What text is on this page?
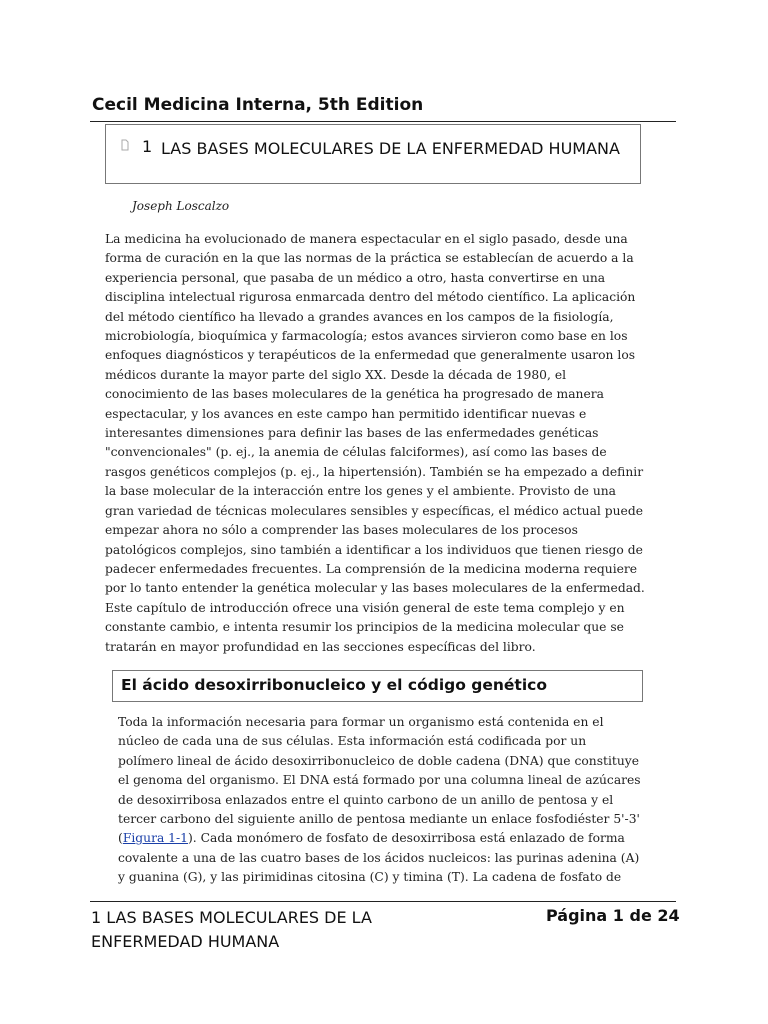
Cecil Medicina Interna, 5th Edition
1 LAS BASES MOLECULARES DE LA ENFERMEDAD HUMANA
Joseph Loscalzo

La medicina ha evolucionado de manera espectacular en el siglo pasado, desde una forma de curación en la que las normas de la práctica se establecían de acuerdo a la experiencia personal, que pasaba de un médico a otro, hasta convertirse en una disciplina intelectual rigurosa enmarcada dentro del método científico. La aplicación del método científico ha llevado a grandes avances en los campos de la fisiología, microbiología, bioquímica y farmacología; estos avances sirvieron como base en los enfoques diagnósticos y terapéuticos de la enfermedad que generalmente usaron los médicos durante la mayor parte del siglo XX. Desde la década de 1980, el conocimiento de las bases moleculares de la genética ha progresado de manera espectacular, y los avances en este campo han permitido identificar nuevas e interesantes dimensiones para definir las bases de las enfermedades genéticas "convencionales" (p. ej., la anemia de células falciformes), así como las bases de rasgos genéticos complejos (p. ej., la hipertensión). También se ha empezado a definir la base molecular de la interacción entre los genes y el ambiente. Provisto de una gran variedad de técnicas moleculares sensibles y específicas, el médico actual puede empezar ahora no sólo a comprender las bases moleculares de los procesos patológicos complejos, sino también a identificar a los individuos que tienen riesgo de padecer enfermedades frecuentes. La comprensión de la medicina moderna requiere por lo tanto entender la genética molecular y las bases moleculares de la enfermedad. Este capítulo de introducción ofrece una visión general de este tema complejo y en constante cambio, e intenta resumir los principios de la medicina molecular que se tratarán en mayor profundidad en las secciones específicas del libro.

El ácido desoxirribonucleico y el código genético

Toda la información necesaria para formar un organismo está contenida en el núcleo de cada una de sus células. Esta información está codificada por un polímero lineal de ácido desoxirribonucleico de doble cadena (DNA) que constituye el genoma del organismo. El DNA está formado por una columna lineal de azúcares de desoxirribosa enlazados entre el quinto carbono de un anillo de pentosa y el tercer carbono del siguiente anillo de pentosa mediante un enlace fosfodiéster 5'-3' (Figura 1-1). Cada monómero de fosfato de desoxirribosa está enlazado de forma covalente a una de las cuatro bases de los ácidos nucleicos: las purinas adenina (A) y guanina (G), y las pirimidinas citosina (C) y timina (T). La cadena de fosfato de

1 LAS BASES MOLECULARES DE LA ENFERMEDAD HUMANA
Página 1 de 24
